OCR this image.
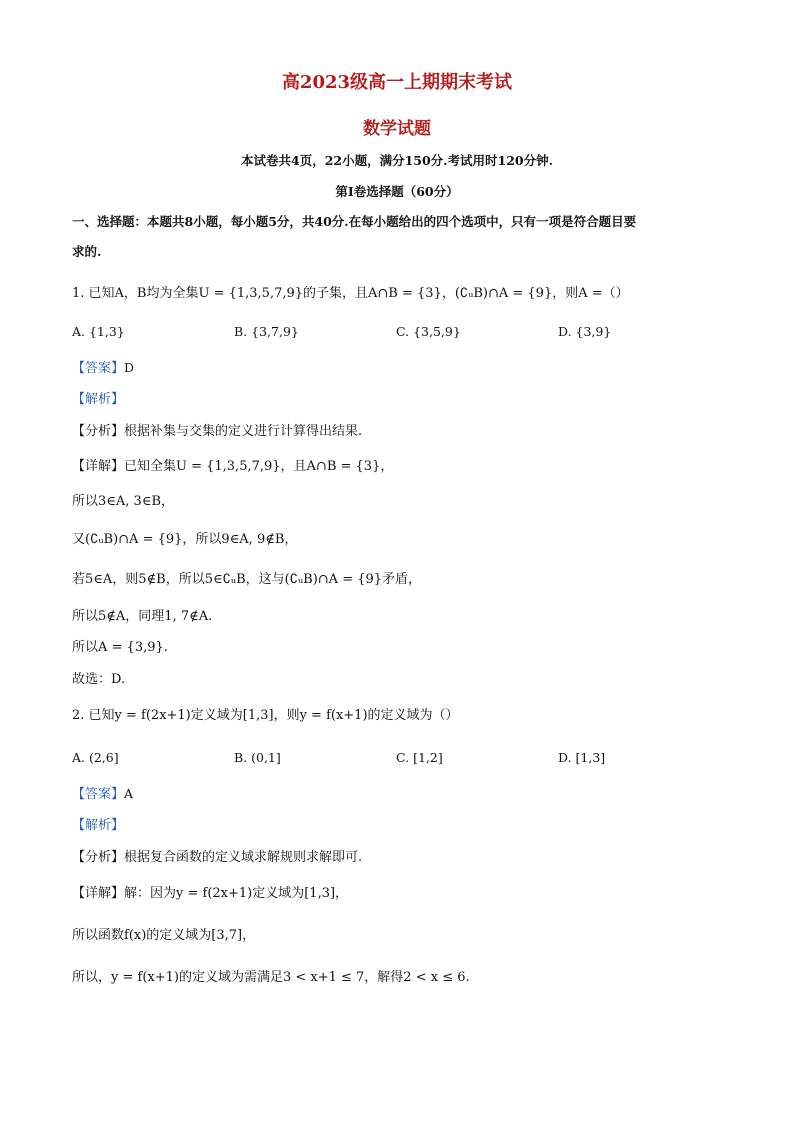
高2023级高一上期期末考试
数学试题
本试卷共4页，22小题，满分150分.考试用时120分钟.
第I卷选择题（60分）
一、选择题：本题共8小题，每小题5分，共40分.在每小题给出的四个选项中，只有一项是符合题目要
求的.
1. 已知A，B均为全集U = {1,3,5,7,9}的子集，且A∩B = {3}，(∁ᵤB)∩A = {9}，则A =（）
A. {1,3}	B. {3,7,9}	C. {3,5,9}	D. {3,9}
【答案】D
【解析】
【分析】根据补集与交集的定义进行计算得出结果.
【详解】已知全集U = {1,3,5,7,9}，且A∩B = {3}，
所以3∈A, 3∈B，
又(∁ᵤB)∩A = {9}，所以9∈A, 9∉B，
若5∈A，则5∉B，所以5∈∁ᵤB，这与(∁ᵤB)∩A = {9}矛盾，
所以5∉A，同理1, 7∉A.
所以A = {3,9}.
故选：D.
2. 已知y = f(2x+1)定义域为[1,3]，则y = f(x+1)的定义域为（）
A. (2,6]	B. (0,1]	C. [1,2]	D. [1,3]
【答案】A
【解析】
【分析】根据复合函数的定义域求解规则求解即可.
【详解】解：因为y = f(2x+1)定义域为[1,3]，
所以函数f(x)的定义域为[3,7]，
所以，y = f(x+1)的定义域为需满足3 < x+1 ≤ 7，解得2 < x ≤ 6.
